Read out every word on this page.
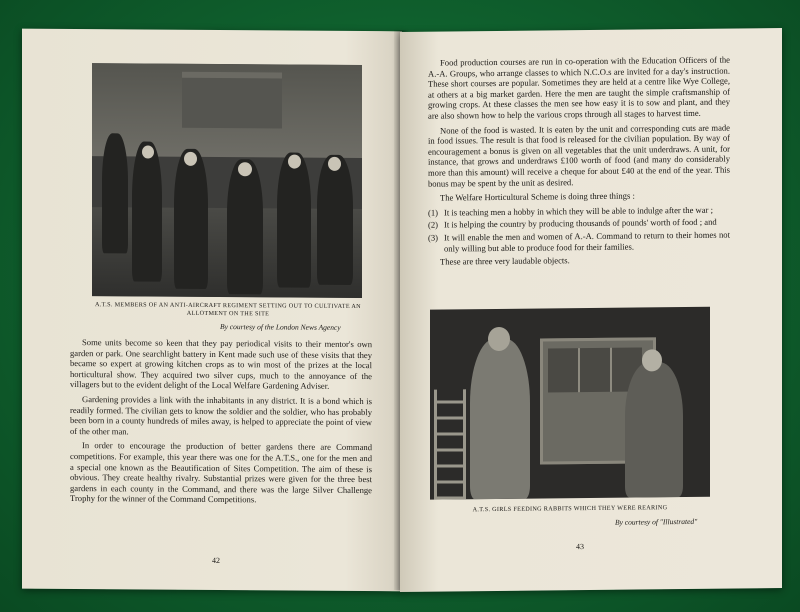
A.T.S. MEMBERS OF AN ANTI-AIRCRAFT REGIMENT SETTING OUT TO CULTIVATE AN ALLOTMENT ON THE SITE
By courtesy of the London News Agency

Some units become so keen that they pay periodical visits to their mentor's own garden or park. One searchlight battery in Kent made such use of these visits that they became so expert at growing kitchen crops as to win most of the prizes at the local horticultural show. They acquired two silver cups, much to the annoyance of the villagers but to the evident delight of the Local Welfare Gardening Adviser.

Gardening provides a link with the inhabitants in any district. It is a bond which is readily formed. The civilian gets to know the soldier and the soldier, who has probably been born in a county hundreds of miles away, is helped to appreciate the point of view of the other man.

In order to encourage the production of better gardens there are Command competitions. For example, this year there was one for the A.T.S., one for the men and a special one known as the Beautification of Sites Competition. The aim of these is obvious. They create healthy rivalry. Substantial prizes were given for the three best gardens in each county in the Command, and there was the large Silver Challenge Trophy for the winner of the Command Competitions.

42

Food production courses are run in co-operation with the Education Officers of the A.-A. Groups, who arrange classes to which N.C.O.s are invited for a day's instruction. These short courses are popular. Sometimes they are held at a centre like Wye College, at others at a big market garden. Here the men are taught the simple craftsmanship of growing crops. At these classes the men see how easy it is to sow and plant, and they are also shown how to help the various crops through all stages to harvest time.

None of the food is wasted. It is eaten by the unit and corresponding cuts are made in food issues. The result is that food is released for the civilian population. By way of encouragement a bonus is given on all vegetables that the unit underdraws. A unit, for instance, that grows and underdraws £100 worth of food (and many do considerably more than this amount) will receive a cheque for about £40 at the end of the year. This bonus may be spent by the unit as desired.

The Welfare Horticultural Scheme is doing three things :

(1) It is teaching men a hobby in which they will be able to indulge after the war ;
(2) It is helping the country by producing thousands of pounds' worth of food ; and
(3) It will enable the men and women of A.-A. Command to return to their homes not only willing but able to produce food for their families.

These are three very laudable objects.

A.T.S. GIRLS FEEDING RABBITS WHICH THEY WERE REARING
By courtesy of "Illustrated"
43
